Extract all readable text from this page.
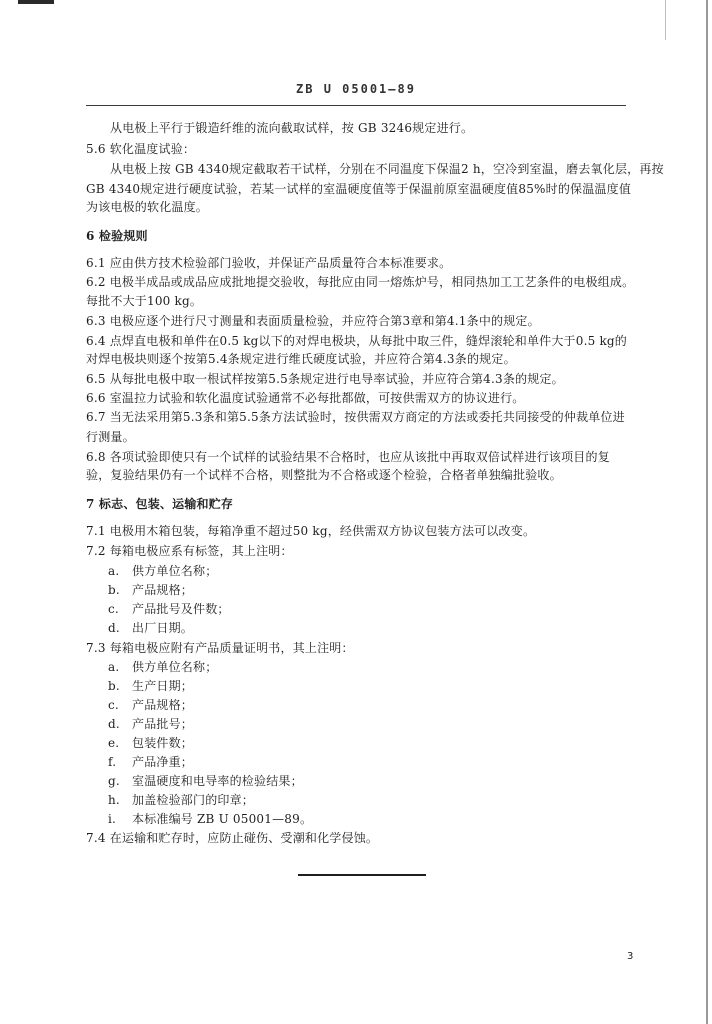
ZB U 05001—89
从电极上平行于锻造纤维的流向截取试样，按 GB 3246规定进行。
5.6 软化温度试验：
从电极上按 GB 4340规定截取若干试样，分别在不同温度下保温2 h，空冷到室温，磨去氧化层，再按
GB 4340规定进行硬度试验，若某一试样的室温硬度值等于保温前原室温硬度值85%时的保温温度值
为该电极的软化温度。
6 检验规则
6.1 应由供方技术检验部门验收，并保证产品质量符合本标准要求。
6.2 电极半成品或成品应成批地提交验收，每批应由同一熔炼炉号，相同热加工工艺条件的电极组成。
每批不大于100 kg。
6.3 电极应逐个进行尺寸测量和表面质量检验，并应符合第3章和第4.1条中的规定。
6.4 点焊直电极和单件在0.5 kg以下的对焊电极块，从每批中取三件，缝焊滚轮和单件大于0.5 kg的
对焊电极块则逐个按第5.4条规定进行维氏硬度试验，并应符合第4.3条的规定。
6.5 从每批电极中取一根试样按第5.5条规定进行电导率试验，并应符合第4.3条的规定。
6.6 室温拉力试验和软化温度试验通常不必每批都做，可按供需双方的协议进行。
6.7 当无法采用第5.3条和第5.5条方法试验时，按供需双方商定的方法或委托共同接受的仲裁单位进
行测量。
6.8 各项试验即使只有一个试样的试验结果不合格时，也应从该批中再取双倍试样进行该项目的复
验，复验结果仍有一个试样不合格，则整批为不合格或逐个检验，合格者单独编批验收。
7 标志、包装、运输和贮存
7.1 电极用木箱包装，每箱净重不超过50 kg，经供需双方协议包装方法可以改变。
7.2 每箱电极应系有标签，其上注明：
a. 供方单位名称；
b. 产品规格；
c. 产品批号及件数；
d. 出厂日期。
7.3 每箱电极应附有产品质量证明书，其上注明：
a. 供方单位名称；
b. 生产日期；
c. 产品规格；
d. 产品批号；
e. 包装件数；
f. 产品净重；
g. 室温硬度和电导率的检验结果；
h. 加盖检验部门的印章；
i. 本标准编号 ZB U 05001—89。
7.4 在运输和贮存时，应防止碰伤、受潮和化学侵蚀。
3
